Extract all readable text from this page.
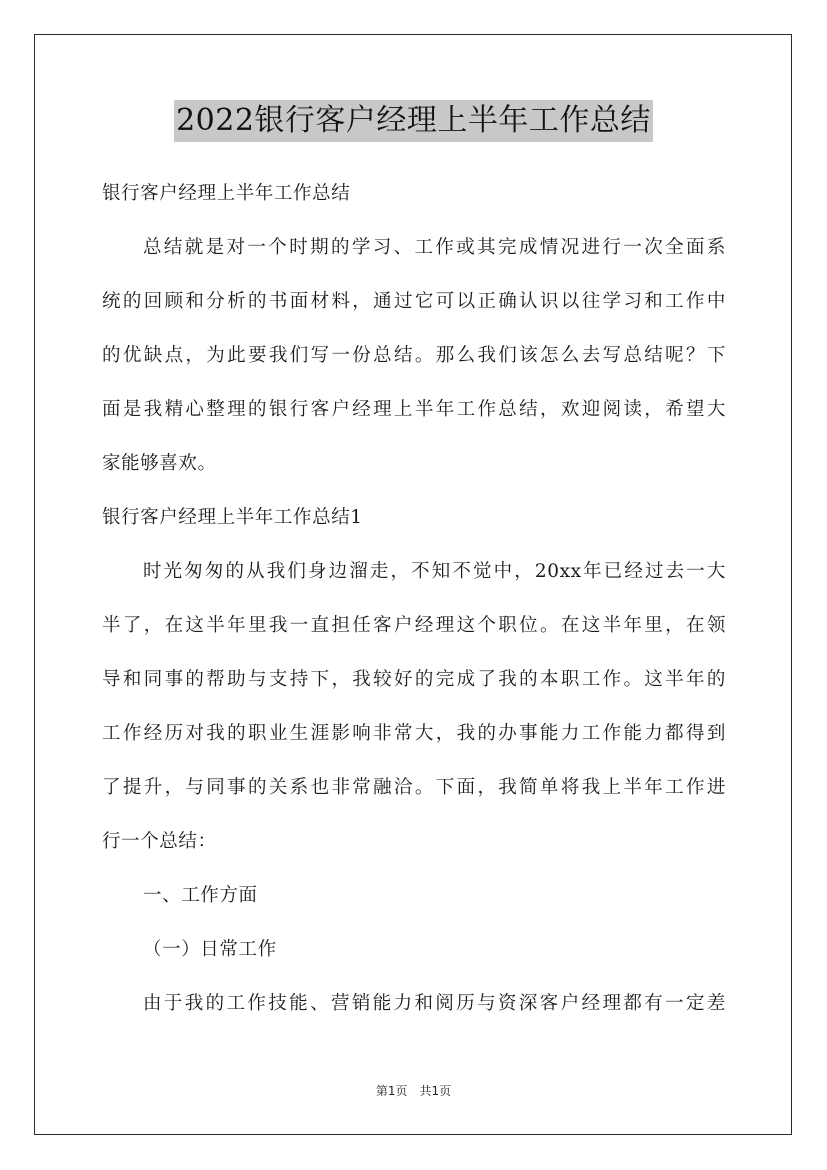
2022银行客户经理上半年工作总结
银行客户经理上半年工作总结
总结就是对一个时期的学习、工作或其完成情况进行一次全面系
统的回顾和分析的书面材料，通过它可以正确认识以往学习和工作中
的优缺点，为此要我们写一份总结。那么我们该怎么去写总结呢？下
面是我精心整理的银行客户经理上半年工作总结，欢迎阅读，希望大
家能够喜欢。
银行客户经理上半年工作总结1
时光匆匆的从我们身边溜走，不知不觉中，20xx年已经过去一大
半了，在这半年里我一直担任客户经理这个职位。在这半年里，在领
导和同事的帮助与支持下，我较好的完成了我的本职工作。这半年的
工作经历对我的职业生涯影响非常大，我的办事能力工作能力都得到
了提升，与同事的关系也非常融洽。下面，我简单将我上半年工作进
行一个总结：
一、工作方面
（一）日常工作
由于我的工作技能、营销能力和阅历与资深客户经理都有一定差
第1页　共1页
